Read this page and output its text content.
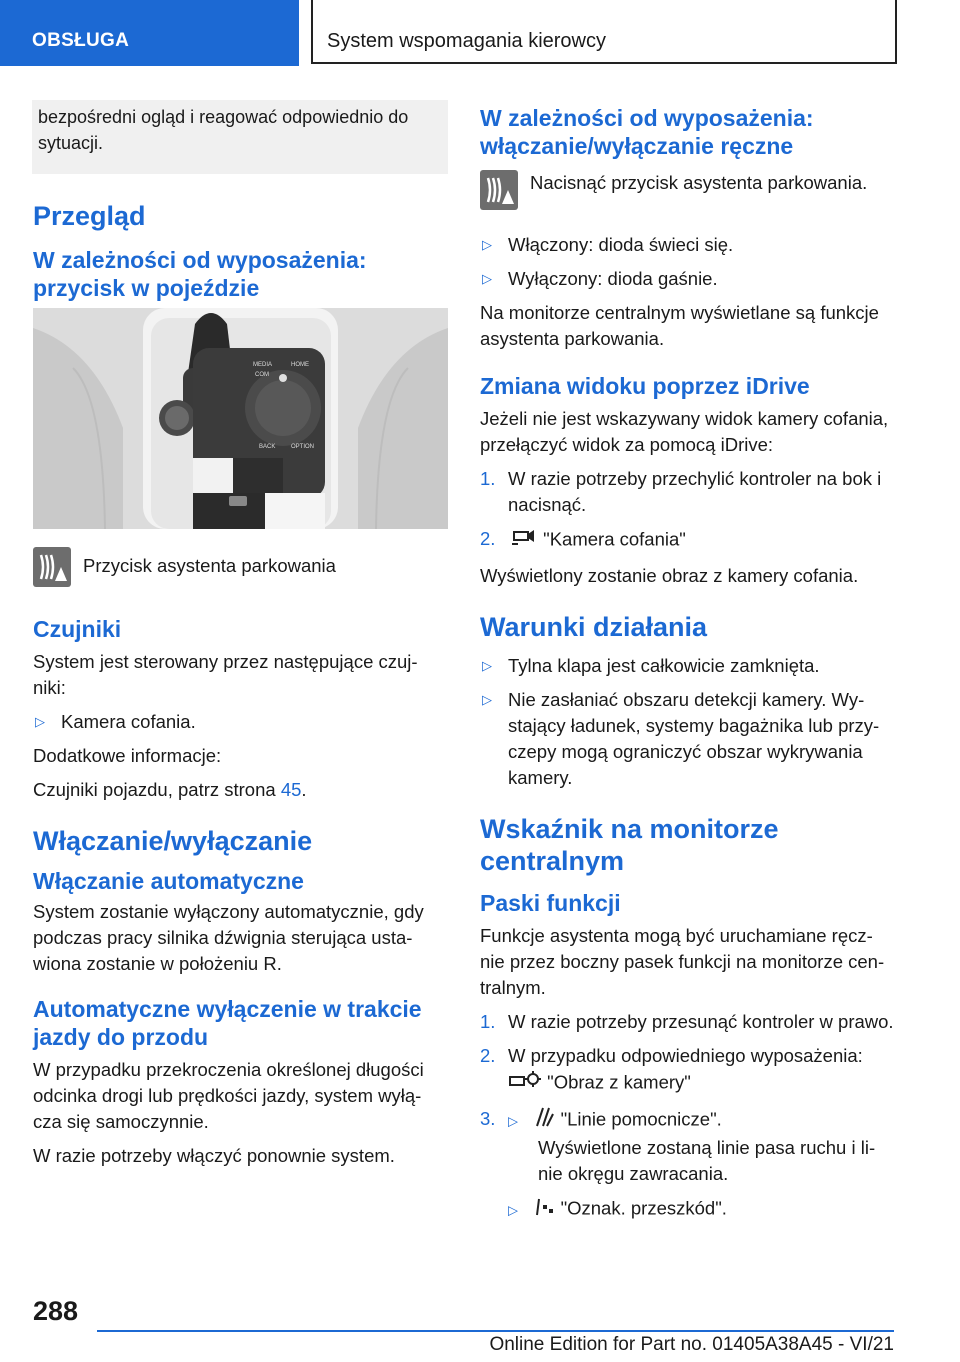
OBSŁUGA	System wspomagania kierowcy
bezpośredni ogląd i reagować odpowiednio do sytuacji.
Przegląd
W zależności od wyposażenia: przycisk w pojeździe
MEDIA	HOME
COM
BACK	OPTION
Przycisk asystenta parkowania
Czujniki

System jest sterowany przez następujące czuj-niki:

▷ Kamera cofania.

Dodatkowe informacje:

Czujniki pojazdu, patrz strona 45.

Włączanie/wyłączanie
Włączanie automatyczne

System zostanie wyłączony automatycznie, gdy podczas pracy silnika dźwignia sterująca usta-wiona zostanie w położeniu R.

Automatyczne wyłączenie w trakcie jazdy do przodu

W przypadku przekroczenia określonej długości odcinka drogi lub prędkości jazdy, system wyłą-cza się samoczynnie.

W razie potrzeby włączyć ponownie system.

W zależności od wyposażenia: włączanie/wyłączanie ręczne
Nacisnąć przycisk asystenta parkowania.
▷ Włączony: dioda świeci się.
▷ Wyłączony: dioda gaśnie.

Na monitorze centralnym wyświetlane są funkcje asystenta parkowania.

Zmiana widoku poprzez iDrive

Jeżeli nie jest wskazywany widok kamery cofania, przełączyć widok za pomocą iDrive:

1. W razie potrzeby przechylić kontroler na bok i nacisnąć.
2.	"Kamera cofania"

Wyświetlony zostanie obraz z kamery cofania.

Warunki działania
▷ Tylna klapa jest całkowicie zamknięta.
▷ Nie zasłaniać obszaru detekcji kamery. Wy-stający ładunek, systemy bagażnika lub przy-czepy mogą ograniczyć obszar wykrywania kamery.
Wskaźnik na monitorze centralnym
Paski funkcji

Funkcje asystenta mogą być uruchamiane ręcz-nie przez boczny pasek funkcji na monitorze cen-tralnym.

1. W razie potrzeby przesunąć kontroler w prawo.
2. W przypadku odpowiedniego wyposażenia:
"Obraz z kamery"
3. ▷ "Linie pomocnicze".
Wyświetlone zostaną linie pasa ruchu i li-nie okręgu zawracania.
▷ "Oznak. przeszkód".
288
Online Edition for Part no. 01405A38A45 - VI/21
